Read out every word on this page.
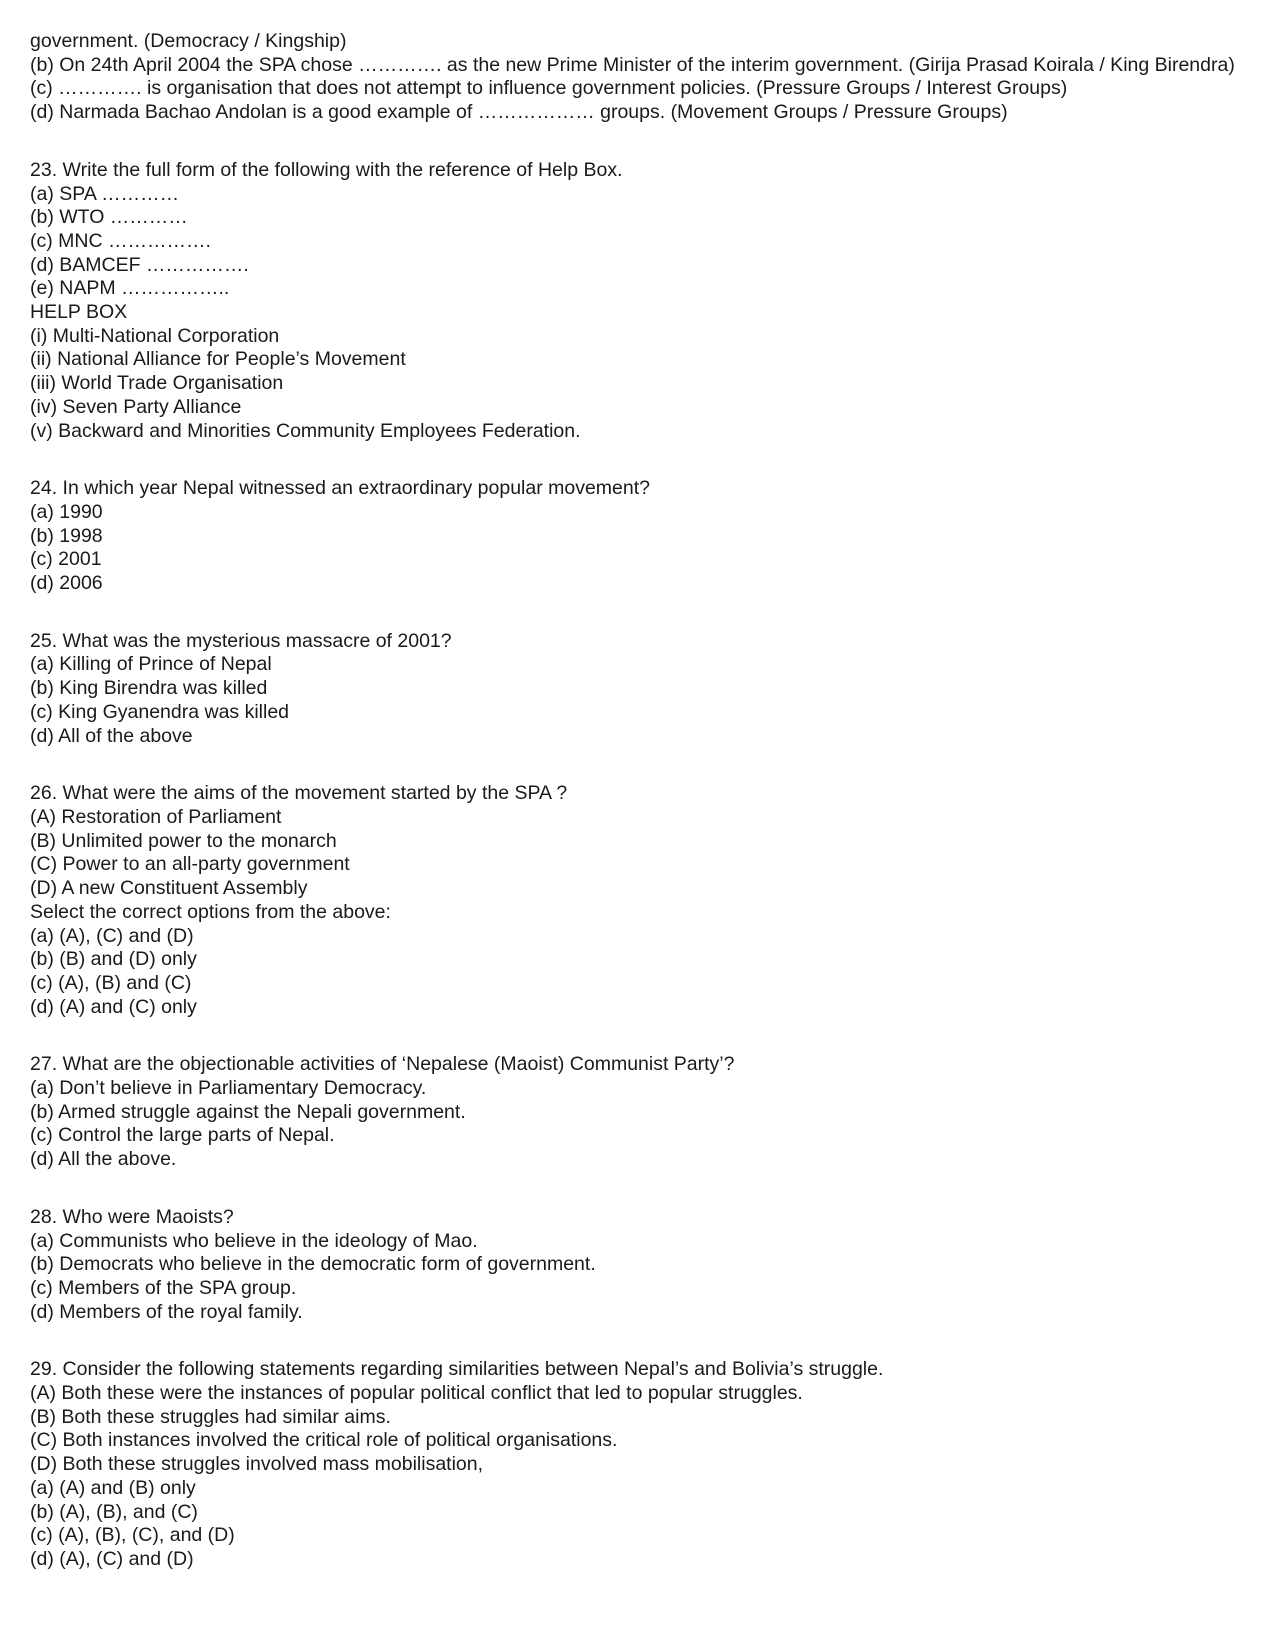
government. (Democracy / Kingship)

(b) On 24th April 2004 the SPA chose …………. as the new Prime Minister of the interim government. (Girija Prasad Koirala / King Birendra)

(c) …………. is organisation that does not attempt to influence government policies. (Pressure Groups / Interest Groups)

(d) Narmada Bachao Andolan is a good example of ……………… groups. (Movement Groups / Pressure Groups)

23. Write the full form of the following with the reference of Help Box.

(a) SPA …………

(b) WTO …………

(c) MNC …………….

(d) BAMCEF …………….

(e) NAPM ……………..

HELP BOX

(i) Multi-National Corporation

(ii) National Alliance for People’s Movement

(iii) World Trade Organisation

(iv) Seven Party Alliance

(v) Backward and Minorities Community Employees Federation.

24. In which year Nepal witnessed an extraordinary popular movement?

(a) 1990

(b) 1998

(c) 2001

(d) 2006

25. What was the mysterious massacre of 2001?

(a) Killing of Prince of Nepal

(b) King Birendra was killed

(c) King Gyanendra was killed

(d) All of the above

26. What were the aims of the movement started by the SPA ?

(A) Restoration of Parliament

(B) Unlimited power to the monarch

(C) Power to an all-party government

(D) A new Constituent Assembly

Select the correct options from the above:

(a) (A), (C) and (D)

(b) (B) and (D) only

(c) (A), (B) and (C)

(d) (A) and (C) only

27. What are the objectionable activities of ‘Nepalese (Maoist) Communist Party’?

(a) Don’t believe in Parliamentary Democracy.

(b) Armed struggle against the Nepali government.

(c) Control the large parts of Nepal.

(d) All the above.

28. Who were Maoists?

(a) Communists who believe in the ideology of Mao.

(b) Democrats who believe in the democratic form of government.

(c) Members of the SPA group.

(d) Members of the royal family.

29. Consider the following statements regarding similarities between Nepal’s and Bolivia’s struggle.

(A) Both these were the instances of popular political conflict that led to popular struggles.

(B) Both these struggles had similar aims.

(C) Both instances involved the critical role of political organisations.

(D) Both these struggles involved mass mobilisation,

(a) (A) and (B) only

(b) (A), (B), and (C)

(c) (A), (B), (C), and (D)

(d) (A), (C) and (D)
